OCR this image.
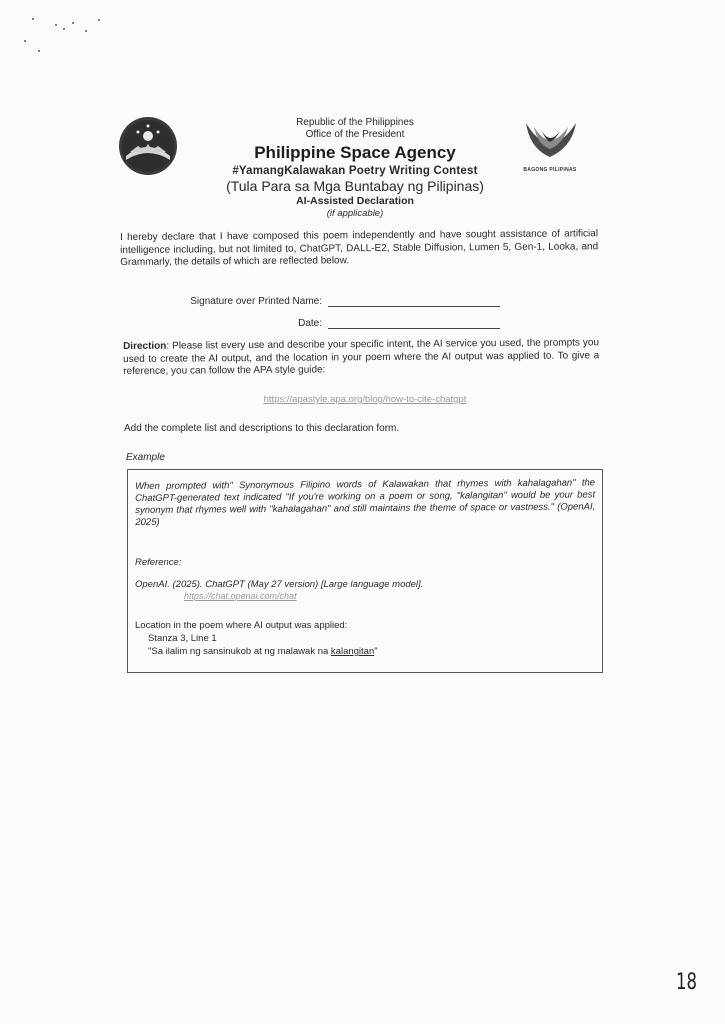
BAGONG PILIPINAS
Republic of the Philippines
Office of the President
Philippine Space Agency
#YamangKalawakan Poetry Writing Contest
(Tula Para sa Mga Buntabay ng Pilipinas)
AI-Assisted Declaration
(if applicable)
I hereby declare that I have composed this poem independently and have sought assistance of artificial intelligence including, but not limited to, ChatGPT, DALL-E2, Stable Diffusion, Lumen 5, Gen-1, Looka, and Grammarly, the details of which are reflected below.
Signature over Printed Name:
Date:
Direction: Please list every use and describe your specific intent, the AI service you used, the prompts you used to create the AI output, and the location in your poem where the AI output was applied to. To give a reference, you can follow the APA style guide:
https://apastyle.apa.org/blog/how-to-cite-chatgpt
Add the complete list and descriptions to this declaration form.
Example
When prompted with" Synonymous Filipino words of Kalawakan that rhymes with kahalagahan" the ChatGPT-generated text indicated "If you're working on a poem or song, "kalangitan" would be your best synonym that rhymes well with "kahalagahan" and still maintains the theme of space or vastness." (OpenAI, 2025)
Reference:
OpenAI. (2025). ChatGPT (May 27 version) [Large language model].
https://chat.openai.com/chat
Location in the poem where AI output was applied:
Stanza 3, Line 1
"Sa ilalim ng sansinukob at ng malawak na kalangitan"
18
